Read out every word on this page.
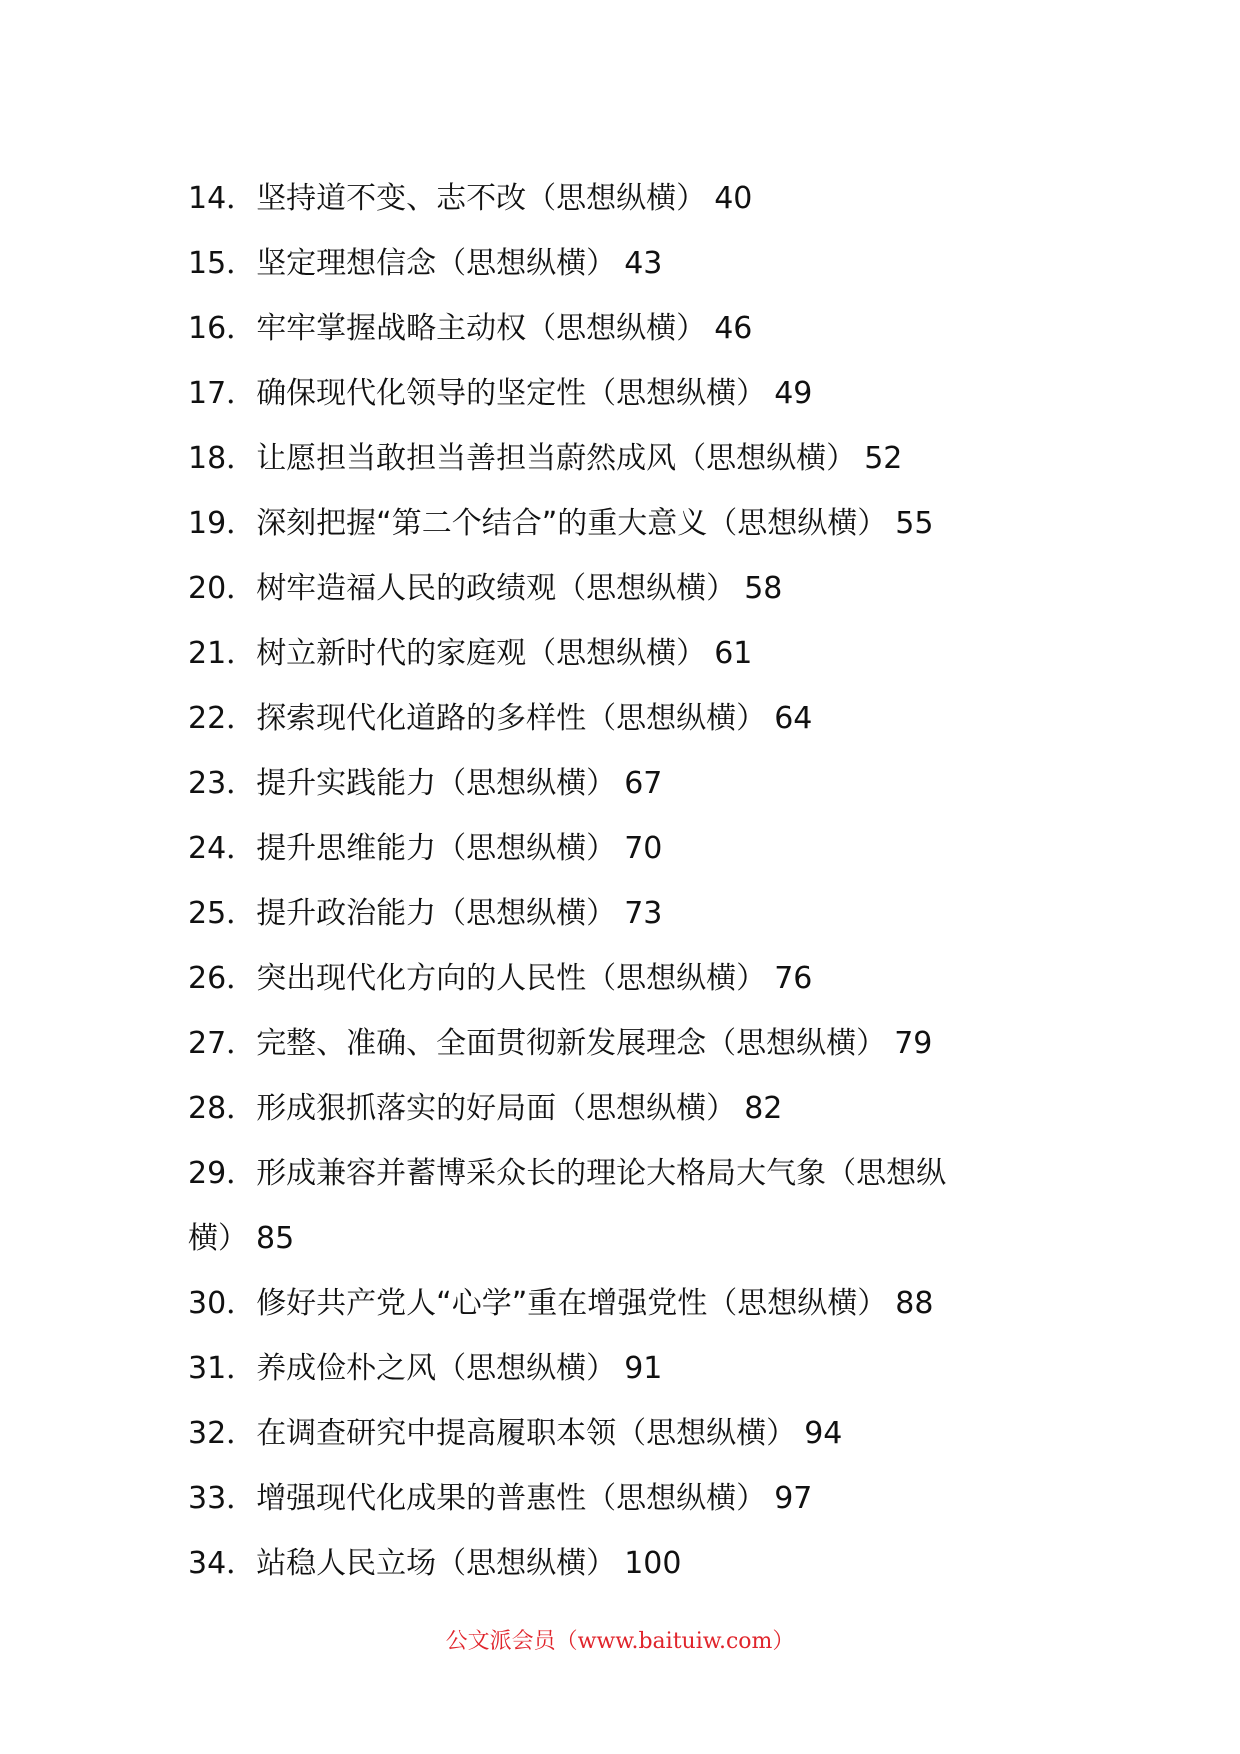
14．坚持道不变、志不改（思想纵横） 40
15．坚定理想信念（思想纵横） 43
16．牢牢掌握战略主动权（思想纵横） 46
17．确保现代化领导的坚定性（思想纵横） 49
18．让愿担当敢担当善担当蔚然成风（思想纵横） 52
19．深刻把握“第二个结合”的重大意义（思想纵横） 55
20．树牢造福人民的政绩观（思想纵横） 58
21．树立新时代的家庭观（思想纵横） 61
22．探索现代化道路的多样性（思想纵横） 64
23．提升实践能力（思想纵横） 67
24．提升思维能力（思想纵横） 70
25．提升政治能力（思想纵横） 73
26．突出现代化方向的人民性（思想纵横） 76
27．完整、准确、全面贯彻新发展理念（思想纵横） 79
28．形成狠抓落实的好局面（思想纵横） 82
29．形成兼容并蓄博采众长的理论大格局大气象（思想纵
横） 85
30．修好共产党人“心学”重在增强党性（思想纵横） 88
31．养成俭朴之风（思想纵横） 91
32．在调查研究中提高履职本领（思想纵横） 94
33．增强现代化成果的普惠性（思想纵横） 97
34．站稳人民立场（思想纵横） 100
公文派会员（www.baituiw.com）
